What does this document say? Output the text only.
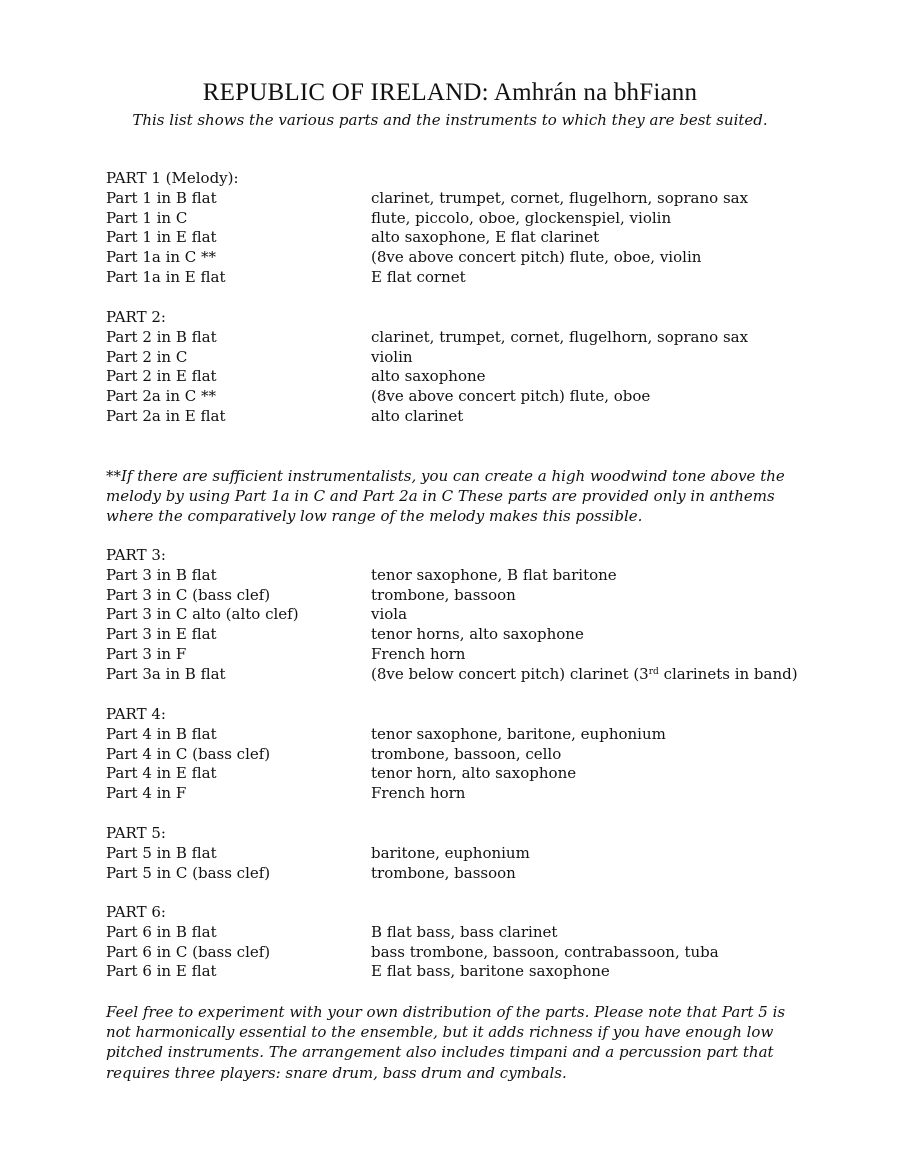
REPUBLIC OF IRELAND: Amhrán na bhFiann
This list shows the various parts and the instruments to which they are best suited.
PART 1 (Melody):
Part 1 in B flat	clarinet, trumpet, cornet, flugelhorn, soprano sax
Part 1 in C	flute, piccolo, oboe, glockenspiel, violin
Part 1 in E flat	alto saxophone, E flat clarinet
Part 1a in C **	(8ve above concert pitch) flute, oboe, violin
Part 1a in E flat	E flat cornet
PART 2:
Part 2 in B flat	clarinet, trumpet, cornet, flugelhorn, soprano sax
Part 2 in C	violin
Part 2 in E flat	alto saxophone
Part 2a in C **	(8ve above concert pitch) flute, oboe
Part 2a in E flat	alto clarinet
**If there are sufficient instrumentalists, you can create a high woodwind tone above the melody by using Part 1a in C and Part 2a in C These parts are provided only in anthems where the comparatively low range of the melody makes this possible.
PART 3:
Part 3 in B flat	tenor saxophone, B flat baritone
Part 3 in C (bass clef)	trombone, bassoon
Part 3 in C alto (alto clef)	viola
Part 3 in E flat	tenor horns, alto saxophone
Part 3 in F	French horn
Part 3a in B flat	(8ve below concert pitch) clarinet (3rd clarinets in band)
PART 4:
Part 4 in B flat	tenor saxophone, baritone, euphonium
Part 4 in C (bass clef)	trombone, bassoon, cello
Part 4 in E flat	tenor horn, alto saxophone
Part 4 in F	French horn
PART 5:
Part 5 in B flat	baritone, euphonium
Part 5 in C (bass clef)	trombone, bassoon
PART 6:
Part 6 in B flat	B flat bass, bass clarinet
Part 6 in C (bass clef)	bass trombone, bassoon, contrabassoon, tuba
Part 6 in E flat	E flat bass, baritone saxophone
Feel free to experiment with your own distribution of the parts. Please note that Part 5 is not harmonically essential to the ensemble, but it adds richness if you have enough low pitched instruments. The arrangement also includes timpani and a percussion part that requires three players: snare drum, bass drum and cymbals.
